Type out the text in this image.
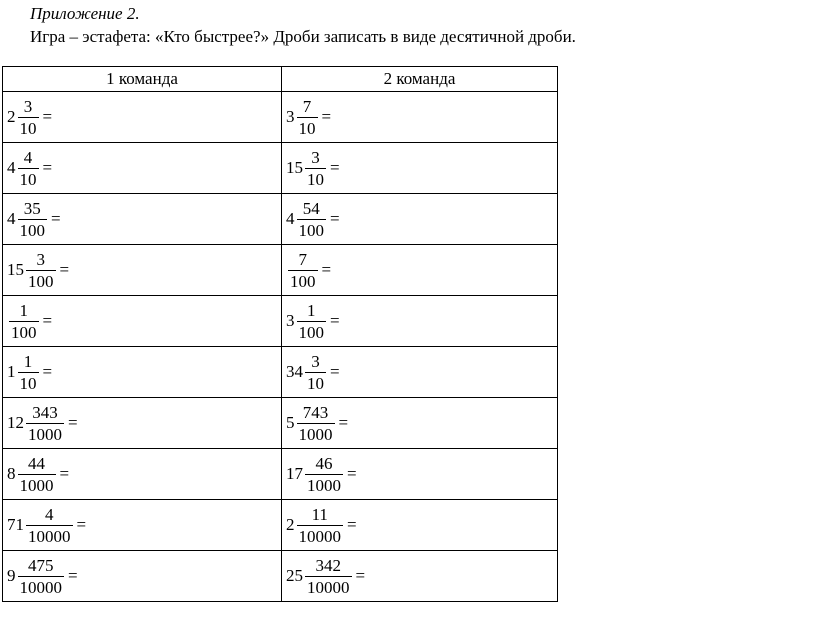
Приложение 2.
Игра – эстафета: «Кто быстрее?» Дроби записать в виде десятичной дроби.
1 команда	2 команда

$2 \frac{3}{10}$ =	$3 \frac{7}{10}$ =

$4 \frac{4}{10}$ =	$15 \frac{3}{10}$ =

$4 \frac{35}{100}$ =	$4 \frac{54}{100}$ =

$15 \frac{3}{100}$ =	$\frac{7}{100}$ =

$\frac{1}{100}$ =	$3 \frac{1}{100}$ =

$1 \frac{1}{10}$ =	$34 \frac{3}{10}$ =

$12 \frac{343}{1000}$ =	$5 \frac{743}{1000}$ =

$8 \frac{44}{1000}$ =	$17 \frac{46}{1000}$ =

$71 \frac{4}{10000}$ =	$2 \frac{11}{10000}$ =

$9 \frac{475}{10000}$ =	$25 \frac{342}{10000}$ =
